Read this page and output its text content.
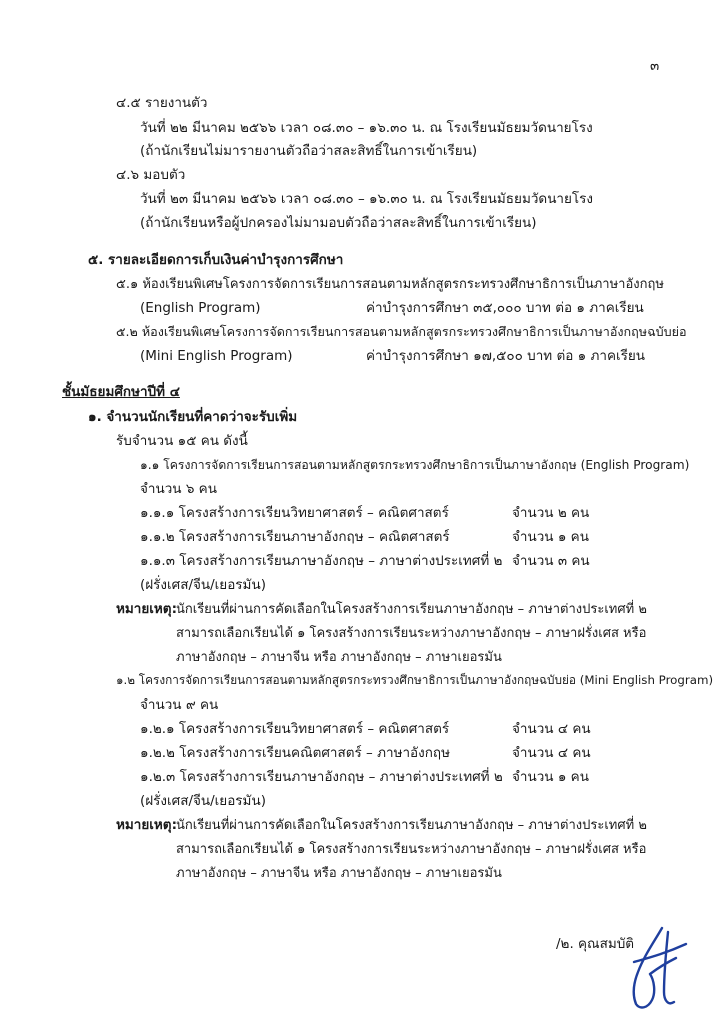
๓
๔.๕ รายงานตัว
วันที่ ๒๒ มีนาคม ๒๕๖๖ เวลา ๐๘.๓๐ – ๑๖.๓๐ น. ณ โรงเรียนมัธยมวัดนายโรง
(ถ้านักเรียนไม่มารายงานตัวถือว่าสละสิทธิ์ในการเข้าเรียน)
๔.๖ มอบตัว
วันที่ ๒๓ มีนาคม ๒๕๖๖ เวลา ๐๘.๓๐ – ๑๖.๓๐ น. ณ โรงเรียนมัธยมวัดนายโรง
(ถ้านักเรียนหรือผู้ปกครองไม่มามอบตัวถือว่าสละสิทธิ์ในการเข้าเรียน)
๕. รายละเอียดการเก็บเงินค่าบำรุงการศึกษา
๕.๑ ห้องเรียนพิเศษโครงการจัดการเรียนการสอนตามหลักสูตรกระทรวงศึกษาธิการเป็นภาษาอังกฤษ
(English Program)	ค่าบำรุงการศึกษา ๓๕,๐๐๐ บาท ต่อ ๑ ภาคเรียน
๕.๒ ห้องเรียนพิเศษโครงการจัดการเรียนการสอนตามหลักสูตรกระทรวงศึกษาธิการเป็นภาษาอังกฤษฉบับย่อ
(Mini English Program)	ค่าบำรุงการศึกษา ๑๗,๕๐๐ บาท ต่อ ๑ ภาคเรียน
ชั้นมัธยมศึกษาปีที่ ๔
๑. จำนวนนักเรียนที่คาดว่าจะรับเพิ่ม
รับจำนวน ๑๕ คน ดังนี้
๑.๑ โครงการจัดการเรียนการสอนตามหลักสูตรกระทรวงศึกษาธิการเป็นภาษาอังกฤษ (English Program)
จำนวน ๖ คน
๑.๑.๑ โครงสร้างการเรียนวิทยาศาสตร์ – คณิตศาสตร์	จำนวน ๒ คน
๑.๑.๒ โครงสร้างการเรียนภาษาอังกฤษ – คณิตศาสตร์	จำนวน ๑ คน
๑.๑.๓ โครงสร้างการเรียนภาษาอังกฤษ – ภาษาต่างประเทศที่ ๒ จำนวน ๓ คน
(ฝรั่งเศส/จีน/เยอรมัน)
หมายเหตุ: นักเรียนที่ผ่านการคัดเลือกในโครงสร้างการเรียนภาษาอังกฤษ – ภาษาต่างประเทศที่ ๒
สามารถเลือกเรียนได้ ๑ โครงสร้างการเรียนระหว่างภาษาอังกฤษ – ภาษาฝรั่งเศส หรือ
ภาษาอังกฤษ – ภาษาจีน หรือ ภาษาอังกฤษ – ภาษาเยอรมัน
๑.๒ โครงการจัดการเรียนการสอนตามหลักสูตรกระทรวงศึกษาธิการเป็นภาษาอังกฤษฉบับย่อ (Mini English Program)
จำนวน ๙ คน
๑.๒.๑ โครงสร้างการเรียนวิทยาศาสตร์ – คณิตศาสตร์	จำนวน ๔ คน
๑.๒.๒ โครงสร้างการเรียนคณิตศาสตร์ – ภาษาอังกฤษ	จำนวน ๔ คน
๑.๒.๓ โครงสร้างการเรียนภาษาอังกฤษ – ภาษาต่างประเทศที่ ๒ จำนวน ๑ คน
(ฝรั่งเศส/จีน/เยอรมัน)
หมายเหตุ: นักเรียนที่ผ่านการคัดเลือกในโครงสร้างการเรียนภาษาอังกฤษ – ภาษาต่างประเทศที่ ๒
สามารถเลือกเรียนได้ ๑ โครงสร้างการเรียนระหว่างภาษาอังกฤษ – ภาษาฝรั่งเศส หรือ
ภาษาอังกฤษ – ภาษาจีน หรือ ภาษาอังกฤษ – ภาษาเยอรมัน
/๒. คุณสมบัติ
